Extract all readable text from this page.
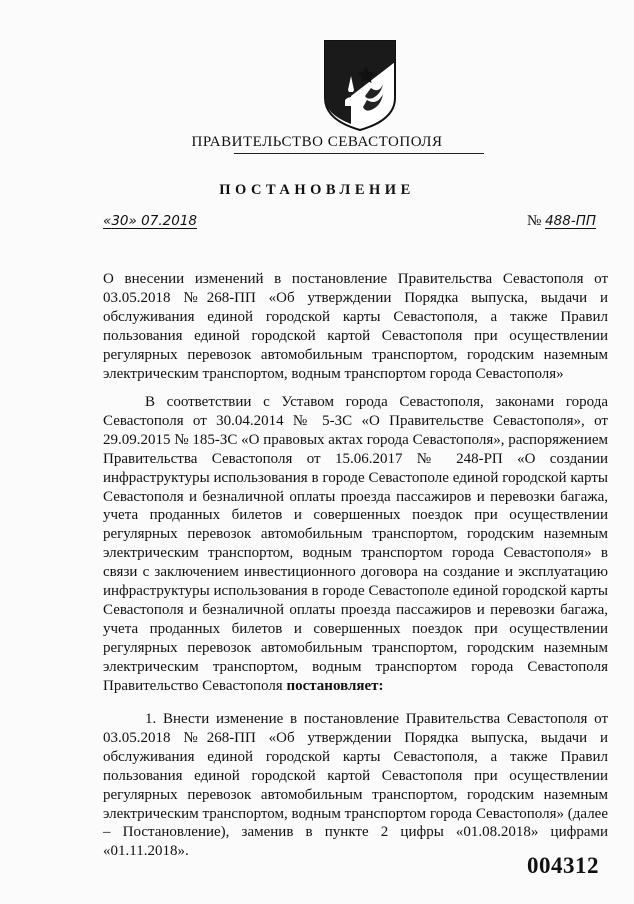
ПРАВИТЕЛЬСТВО СЕВАСТОПОЛЯ
ПОСТАНОВЛЕНИЕ
«30» 07.2018	№ 488-ПП

О внесении изменений в постановление Правительства Севастополя от 03.05.2018 №268-ПП «Об утверждении Порядка выпуска, выдачи и обслуживания единой городской карты Севастополя, а также Правил пользования единой городской картой Севастополя при осуществлении регулярных перевозок автомобильным транспортом, городским наземным электрическим транспортом, водным транспортом города Севастополя»

В соответствии с Уставом города Севастополя, законами города Севастополя от 30.04.2014 № 5-ЗС «О Правительстве Севастополя», от 29.09.2015 № 185-ЗС «О правовых актах города Севастополя», распоряжением Правительства Севастополя от 15.06.2017 № 248-РП «О создании инфраструктуры использования в городе Севастополе единой городской карты Севастополя и безналичной оплаты проезда пассажиров и перевозки багажа, учета проданных билетов и совершенных поездок при осуществлении регулярных перевозок автомобильным транспортом, городским наземным электрическим транспортом, водным транспортом города Севастополя» в связи с заключением инвестиционного договора на создание и эксплуатацию инфраструктуры использования в городе Севастополе единой городской карты Севастополя и безналичной оплаты проезда пассажиров и перевозки багажа, учета проданных билетов и совершенных поездок при осуществлении регулярных перевозок автомобильным транспортом, городским наземным электрическим транспортом, водным транспортом города Севастополя Правительство Севастополя постановляет:

1. Внести изменение в постановление Правительства Севастополя от 03.05.2018 №268-ПП «Об утверждении Порядка выпуска, выдачи и обслуживания единой городской карты Севастополя, а также Правил пользования единой городской картой Севастополя при осуществлении регулярных перевозок автомобильным транспортом, городским наземным электрическим транспортом, водным транспортом города Севастополя» (далее – Постановление), заменив в пункте 2 цифры «01.08.2018» цифрами «01.11.2018».

004312
